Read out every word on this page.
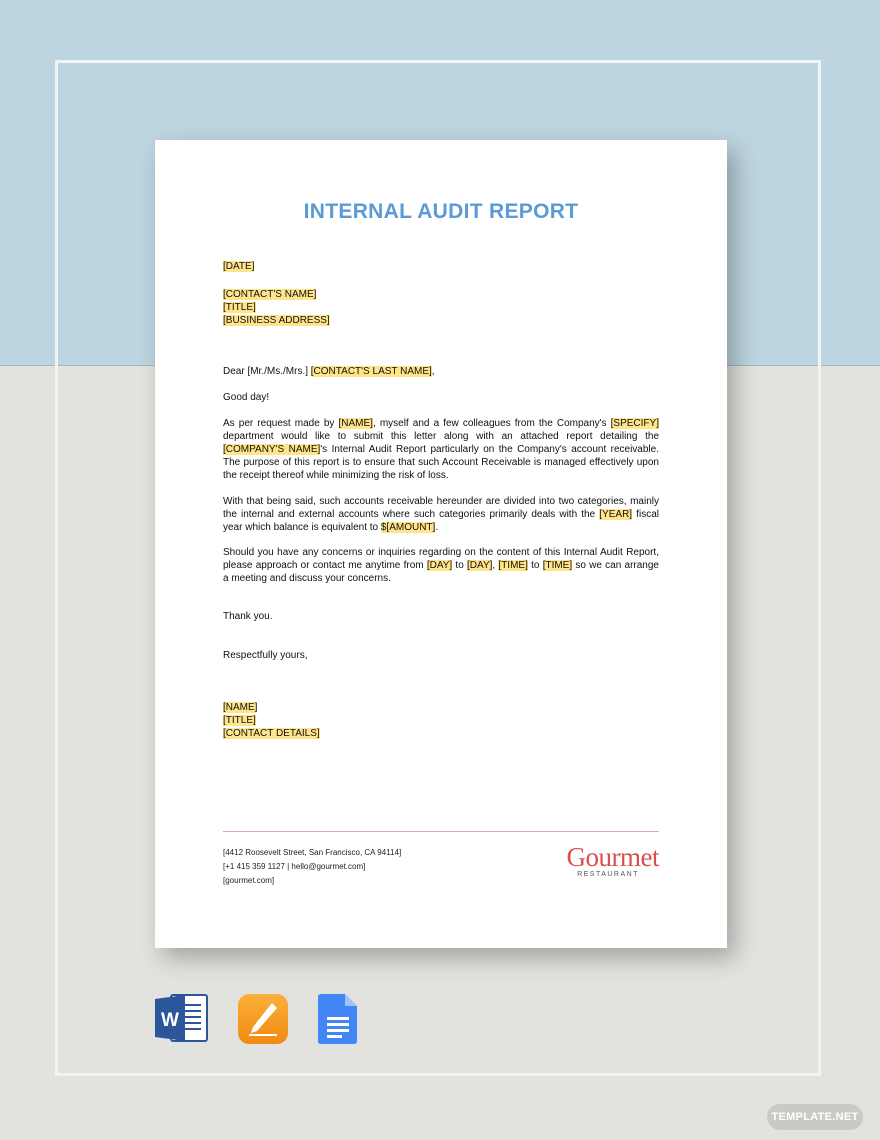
INTERNAL AUDIT REPORT
[DATE]
[CONTACT'S NAME]
[TITLE]
[BUSINESS ADDRESS]
Dear [Mr./Ms./Mrs.] [CONTACT'S LAST NAME],
Good day!
As per request made by [NAME], myself and a few colleagues from the Company's [SPECIFY] department would like to submit this letter along with an attached report detailing the [COMPANY'S NAME]'s Internal Audit Report particularly on the Company's account receivable. The purpose of this report is to ensure that such Account Receivable is managed effectively upon the receipt thereof while minimizing the risk of loss.
With that being said, such accounts receivable hereunder are divided into two categories, mainly the internal and external accounts where such categories primarily deals with the [YEAR] fiscal year which balance is equivalent to $[AMOUNT].
Should you have any concerns or inquiries regarding on the content of this Internal Audit Report, please approach or contact me anytime from [DAY] to [DAY], [TIME] to [TIME] so we can arrange a meeting and discuss your concerns.
Thank you.
Respectfully yours,
[NAME]
[TITLE]
[CONTACT DETAILS]
[4412 Roosevelt Street, San Francisco, CA 94114]
[+1 415 359 1127 | hello@gourmet.com]
[gourmet.com]
Gourmet
RESTAURANT
W
TEMPLATE.NET
